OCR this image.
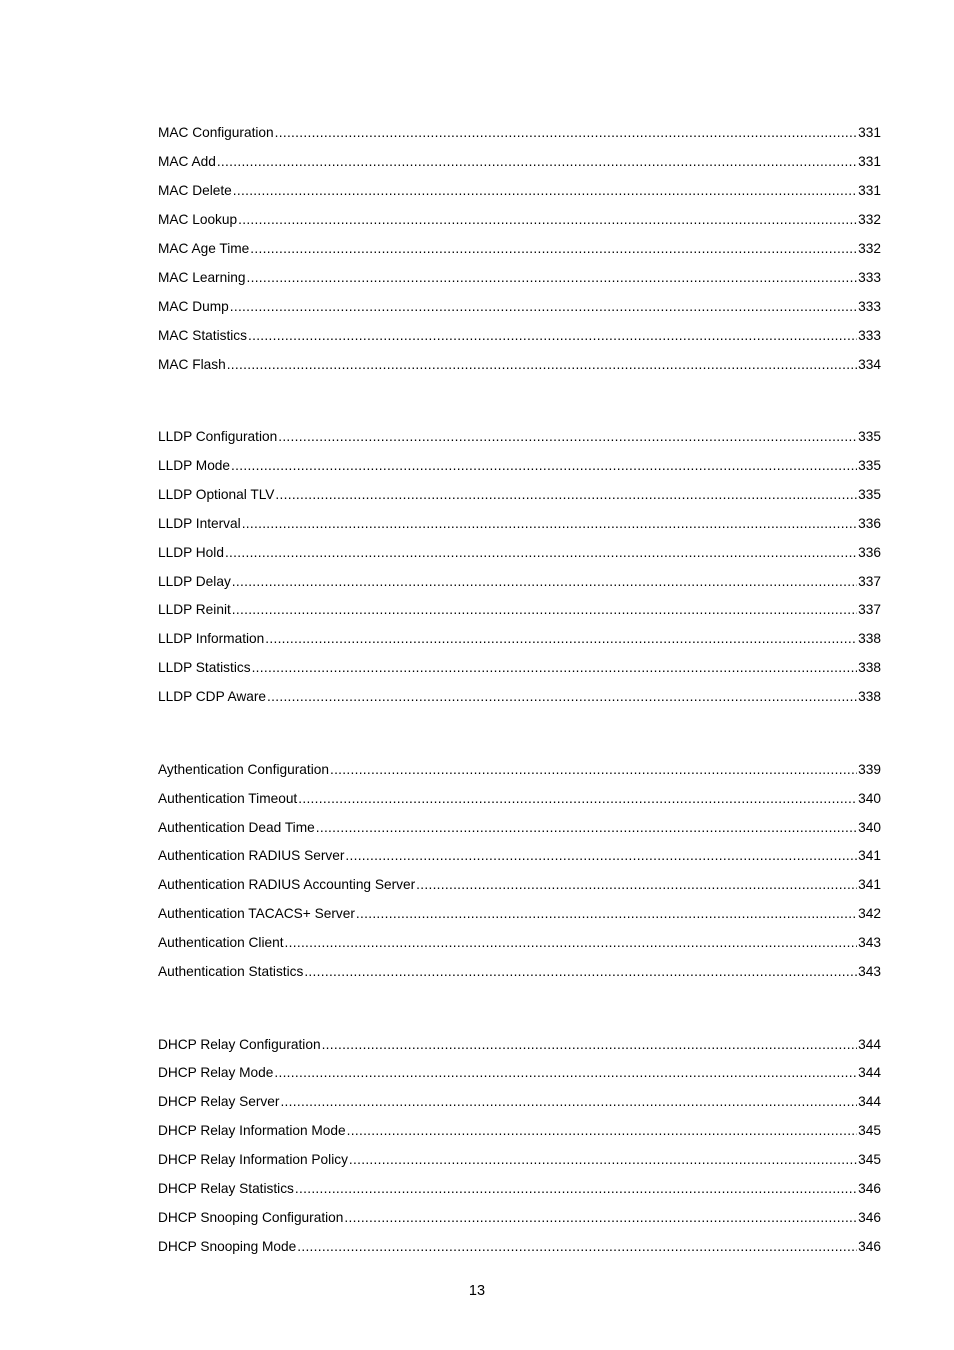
MAC Configuration .....	331
MAC Add .....	331
MAC Delete .....	331
MAC Lookup .....	332
MAC Age Time .....	332
MAC Learning .....	333
MAC Dump .....	333
MAC Statistics .....	333
MAC Flash .....	334
LLDP Configuration .....	335
LLDP Mode .....	335
LLDP Optional TLV .....	335
LLDP Interval .....	336
LLDP Hold .....	336
LLDP Delay .....	337
LLDP Reinit .....	337
LLDP Information .....	338
LLDP Statistics .....	338
LLDP CDP Aware .....	338
Aythentication Configuration .....	339
Authentication Timeout .....	340
Authentication Dead Time .....	340
Authentication RADIUS Server .....	341
Authentication RADIUS Accounting Server .....	341
Authentication TACACS+ Server .....	342
Authentication Client .....	343
Authentication Statistics .....	343
DHCP Relay Configuration .....	344
DHCP Relay Mode .....	344
DHCP Relay Server .....	344
DHCP Relay Information Mode .....	345
DHCP Relay Information Policy .....	345
DHCP Relay Statistics .....	346
DHCP Snooping Configuration .....	346
DHCP Snooping Mode .....	346
13
